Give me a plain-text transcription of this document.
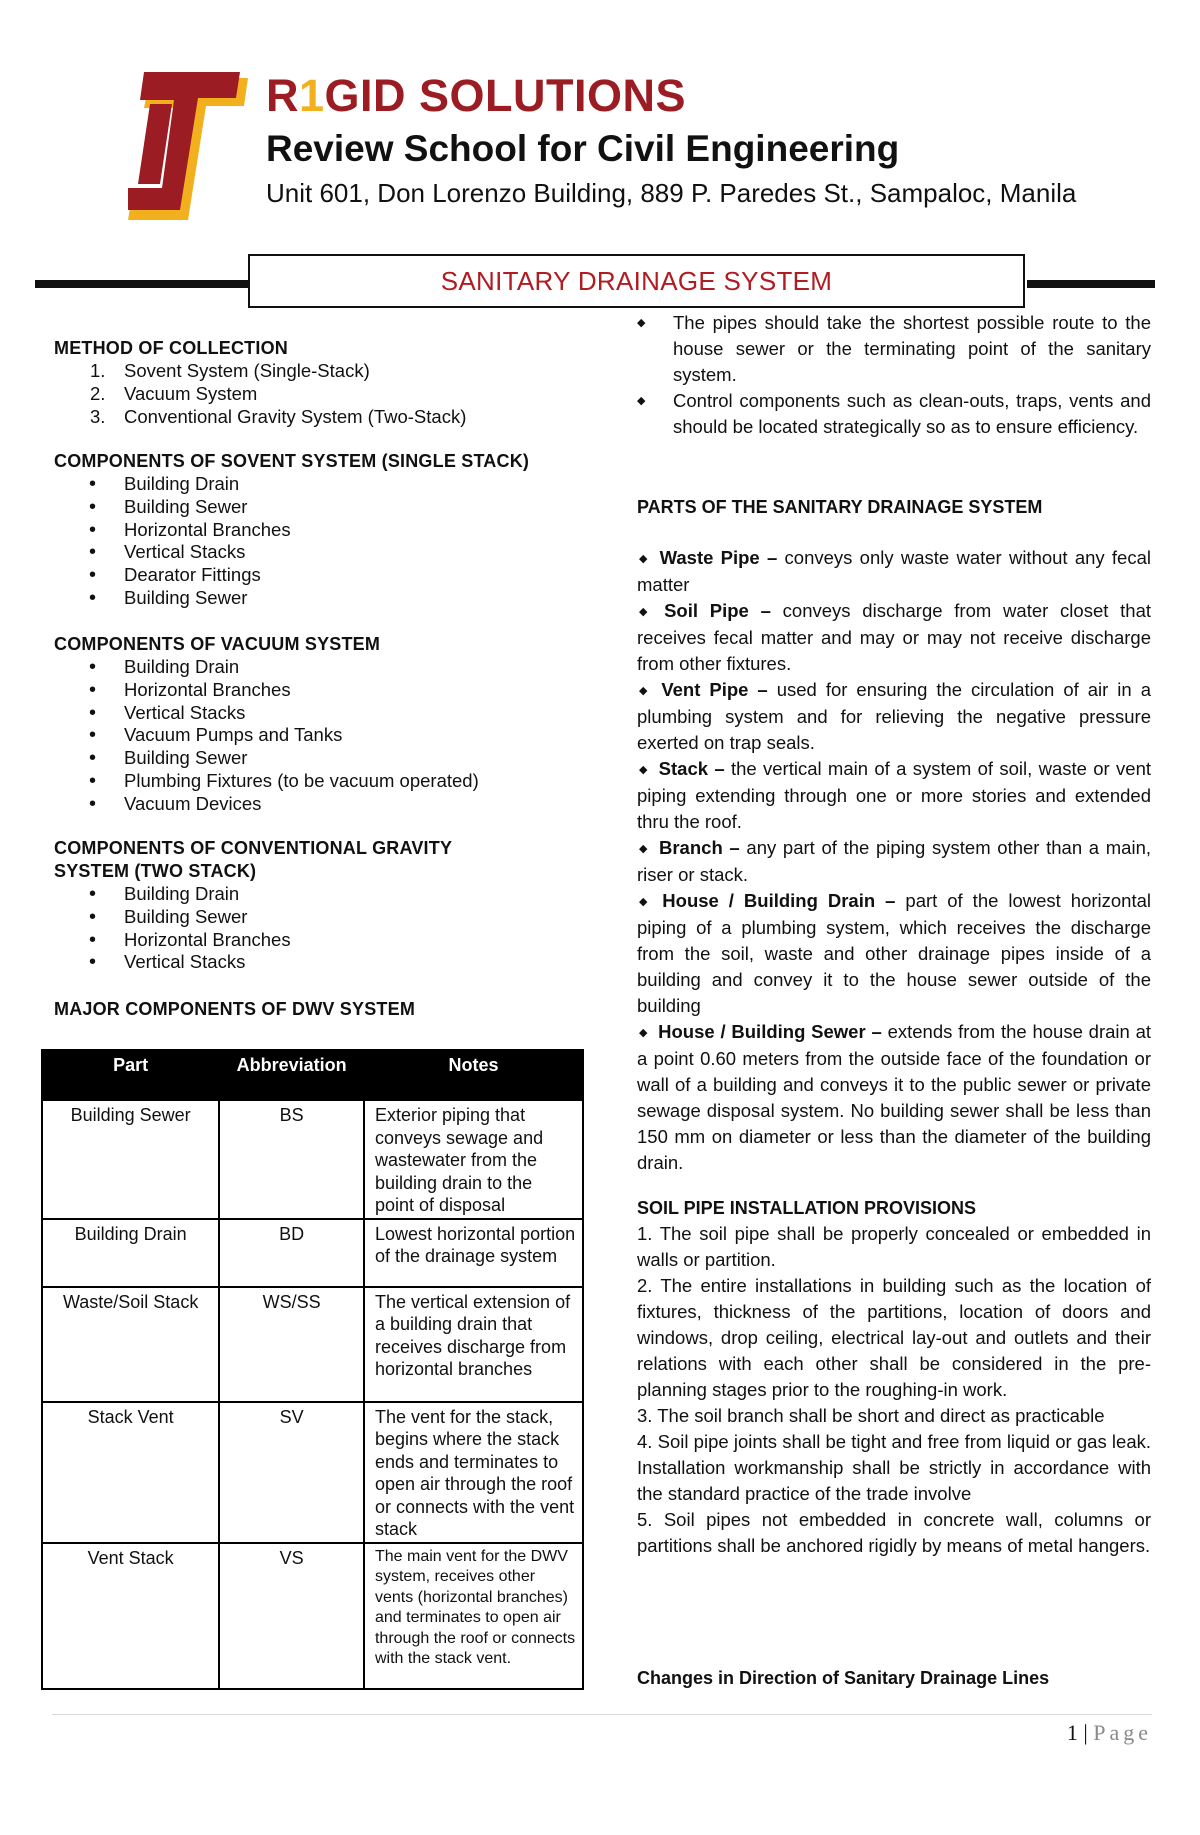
R1GID SOLUTIONS
Review School for Civil Engineering
Unit 601, Don Lorenzo Building, 889 P. Paredes St., Sampaloc, Manila
SANITARY DRAINAGE SYSTEM
METHOD OF COLLECTION
1. Sovent System (Single-Stack)
2. Vacuum System
3. Conventional Gravity System (Two-Stack)
COMPONENTS OF SOVENT SYSTEM (SINGLE STACK)
• Building Drain
• Building Sewer
• Horizontal Branches
• Vertical Stacks
• Dearator Fittings
• Building Sewer
COMPONENTS OF VACUUM SYSTEM
• Building Drain
• Horizontal Branches
• Vertical Stacks
• Vacuum Pumps and Tanks
• Building Sewer
• Plumbing Fixtures (to be vacuum operated)
• Vacuum Devices
COMPONENTS OF CONVENTIONAL GRAVITY
SYSTEM (TWO STACK)
• Building Drain
• Building Sewer
• Horizontal Branches
• Vertical Stacks
MAJOR COMPONENTS OF DWV SYSTEM
Part	Abbreviation	Notes
Building Sewer	BS	Exterior piping that conveys sewage and wastewater from the building drain to the point of disposal
Building Drain	BD	Lowest horizontal portion of the drainage system
Waste/Soil Stack	WS/SS	The vertical extension of a building drain that receives discharge from horizontal branches
Stack Vent	SV	The vent for the stack, begins where the stack ends and terminates to open air through the roof or connects with the vent stack
Vent Stack	VS	The main vent for the DWV system, receives other vents (horizontal branches) and terminates to open air through the roof or connects with the stack vent.
◆ The pipes should take the shortest possible route to the house sewer or the terminating point of the sanitary system.
◆ Control components such as clean-outs, traps, vents and should be located strategically so as to ensure efficiency.
PARTS OF THE SANITARY DRAINAGE SYSTEM

◆ Waste Pipe – conveys only waste water without any fecal matter

◆ Soil Pipe – conveys discharge from water closet that receives fecal matter and may or may not receive discharge from other fixtures.

◆ Vent Pipe – used for ensuring the circulation of air in a plumbing system and for relieving the negative pressure exerted on trap seals.

◆ Stack – the vertical main of a system of soil, waste or vent piping extending through one or more stories and extended thru the roof.

◆ Branch – any part of the piping system other than a main, riser or stack.

◆ House / Building Drain – part of the lowest horizontal piping of a plumbing system, which receives the discharge from the soil, waste and other drainage pipes inside of a building and convey it to the house sewer outside of the building

◆ House / Building Sewer – extends from the house drain at a point 0.60 meters from the outside face of the foundation or wall of a building and conveys it to the public sewer or private sewage disposal system. No building sewer shall be less than 150 mm on diameter or less than the diameter of the building drain.

SOIL PIPE INSTALLATION PROVISIONS
1. The soil pipe shall be properly concealed or embedded in walls or partition.
2. The entire installations in building such as the location of fixtures, thickness of the partitions, location of doors and windows, drop ceiling, electrical lay-out and outlets and their relations with each other shall be considered in the pre-planning stages prior to the roughing-in work.
3. The soil branch shall be short and direct as practicable
4. Soil pipe joints shall be tight and free from liquid or gas leak. Installation workmanship shall be strictly in accordance with the standard practice of the trade involve
5. Soil pipes not embedded in concrete wall, columns or partitions shall be anchored rigidly by means of metal hangers.
Changes in Direction of Sanitary Drainage Lines
1 | Page
